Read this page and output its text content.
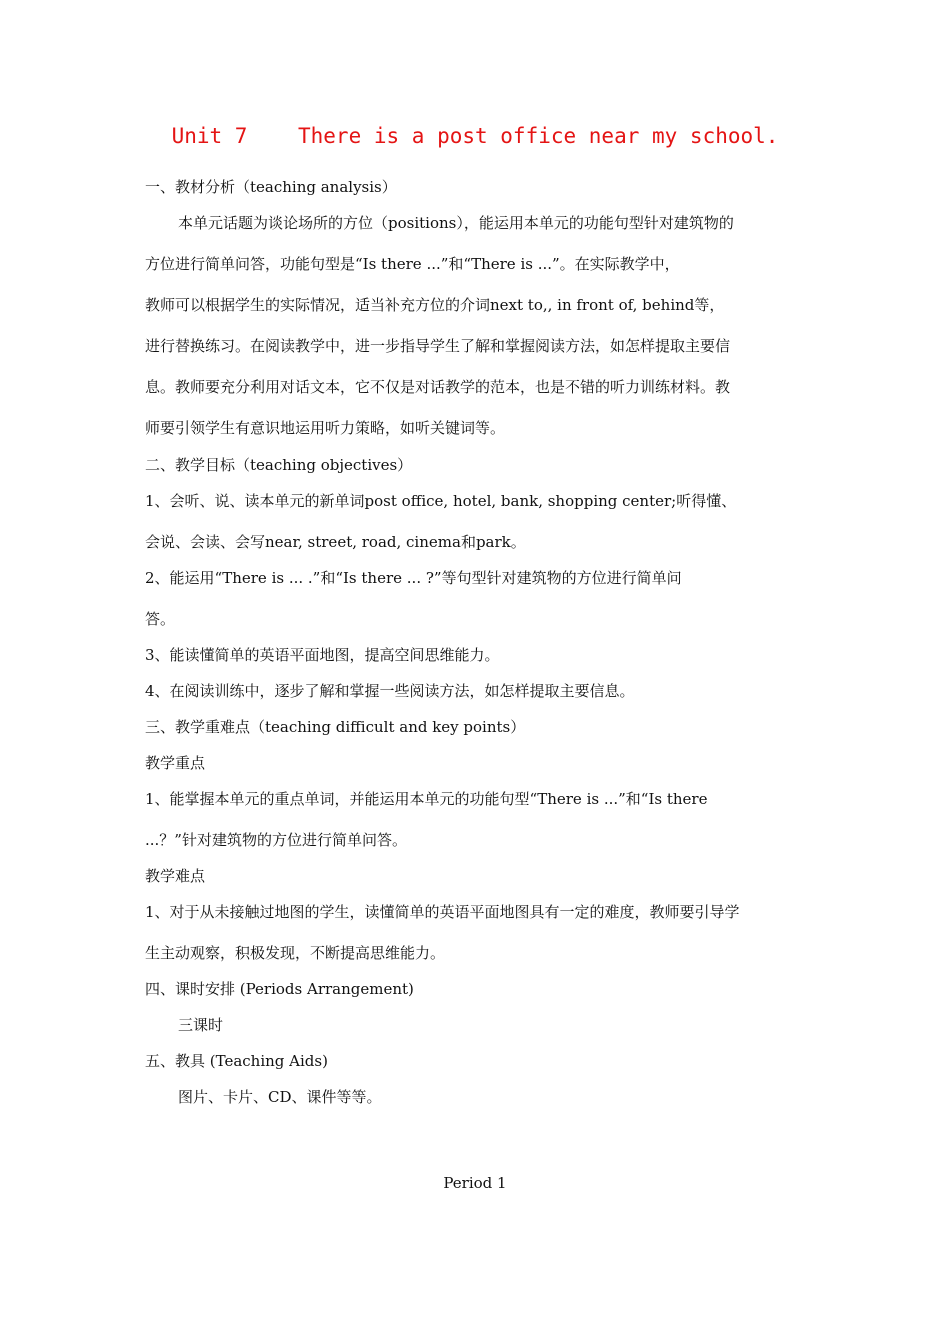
Unit 7    There is a post office near my school.
一、教材分析（teaching analysis）
本单元话题为谈论场所的方位（positions），能运用本单元的功能句型针对建筑物的
方位进行简单问答，功能句型是“Is there ...”和“There is ...”。在实际教学中，
教师可以根据学生的实际情况，适当补充方位的介词next to,, in front of, behind等，
进行替换练习。在阅读教学中，进一步指导学生了解和掌握阅读方法，如怎样提取主要信
息。教师要充分利用对话文本，它不仅是对话教学的范本，也是不错的听力训练材料。教
师要引领学生有意识地运用听力策略，如听关键词等。
二、教学目标（teaching objectives）
1、会听、说、读本单元的新单词post office, hotel, bank, shopping center;听得懂、
会说、会读、会写near, street, road, cinema和park。
2、能运用“There is ... .”和“Is there ... ?”等句型针对建筑物的方位进行简单问
答。
3、能读懂简单的英语平面地图，提高空间思维能力。
4、在阅读训练中，逐步了解和掌握一些阅读方法，如怎样提取主要信息。
三、教学重难点（teaching difficult and key points）
教学重点
1、能掌握本单元的重点单词，并能运用本单元的功能句型“There is ...”和“Is there
...？”针对建筑物的方位进行简单问答。
教学难点
1、对于从未接触过地图的学生，读懂简单的英语平面地图具有一定的难度，教师要引导学
生主动观察，积极发现，不断提高思维能力。
四、课时安排 (Periods Arrangement)
三课时
五、教具 (Teaching Aids)
图片、卡片、CD、课件等等。
Period 1
